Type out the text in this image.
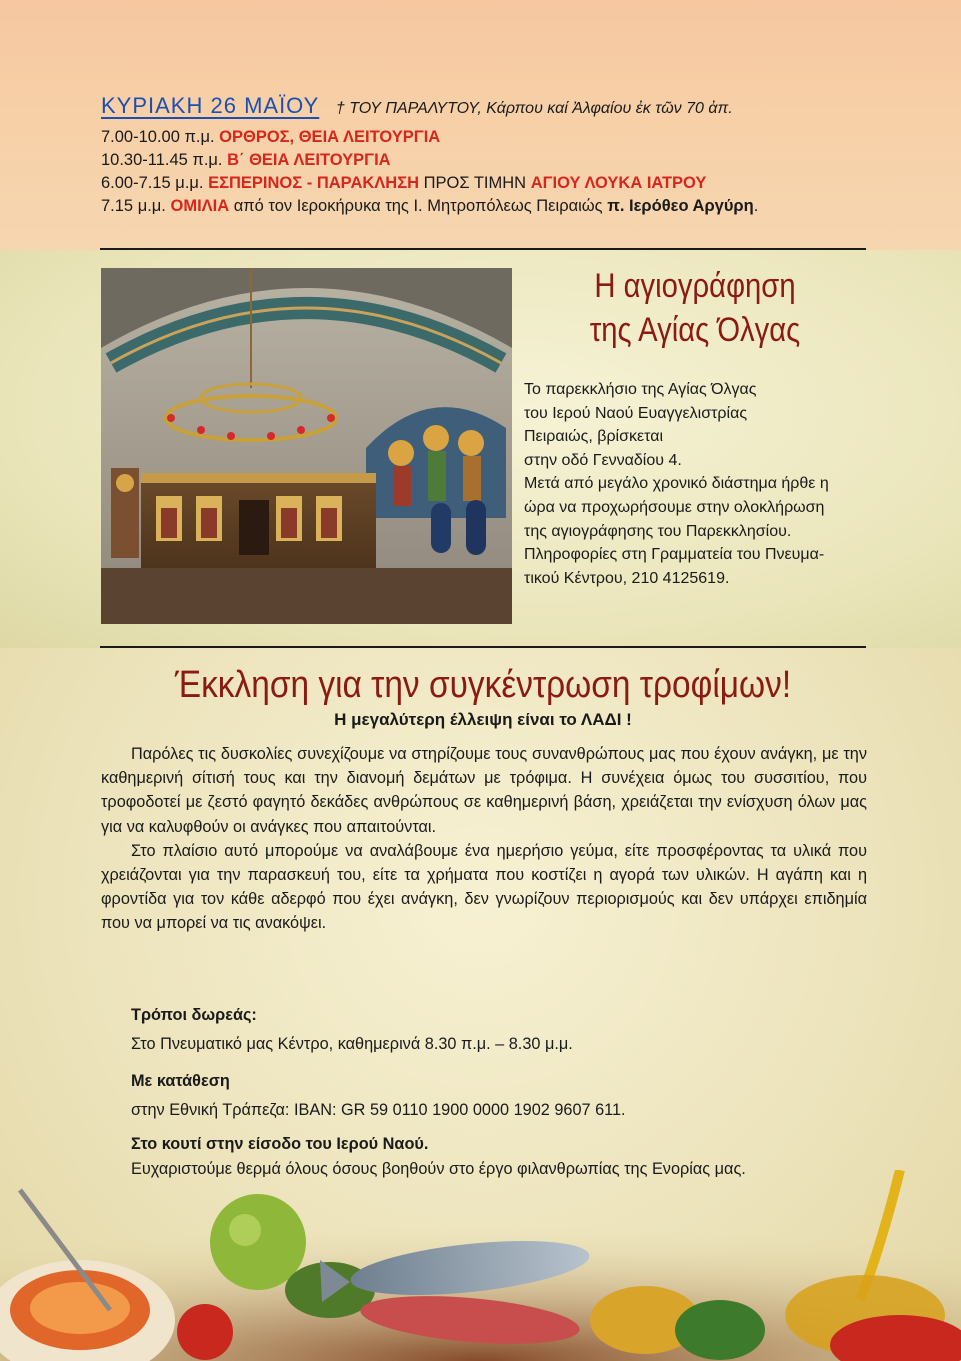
ΚΥΡΙΑΚΗ 26 ΜΑΪΟΥ † ΤΟΥ ΠΑΡΑΛΥΤΟΥ, Κάρπου καί Ἀλφαίου ἐκ τῶν 70 ἀπ.
7.00-10.00 π.μ. ΟΡΘΡΟΣ, ΘΕΙΑ ΛΕΙΤΟΥΡΓΙΑ
10.30-11.45 π.μ. Β΄ ΘΕΙΑ ΛΕΙΤΟΥΡΓΙΑ
6.00-7.15 μ.μ. ΕΣΠΕΡΙΝΟΣ - ΠΑΡΑΚΛΗΣΗ ΠΡΟΣ ΤΙΜΗΝ ΑΓΙΟΥ ΛΟΥΚΑ ΙΑΤΡΟΥ
7.15 μ.μ. ΟΜΙΛΙΑ από τον Ιεροκήρυκα της Ι. Μητροπόλεως Πειραιώς π. Ιερόθεο Αργύρη.
Η αγιογράφηση
της Αγίας Όλγας
Το παρεκκλήσιο της Αγίας Όλγας
του Ιερού Ναού Ευαγγελιστρίας
Πειραιώς, βρίσκεται
στην οδό Γενναδίου 4.
Μετά από μεγάλο χρονικό διάστημα ήρθε η
ώρα να προχωρήσουμε στην ολοκλήρωση
της αγιογράφησης του Παρεκκλησίου.
Πληροφορίες στη Γραμματεία του Πνευμα-
τικού Κέντρου, 210 4125619.
Έκκληση για την συγκέντρωση τροφίμων!
Η μεγαλύτερη έλλειψη είναι το ΛΑΔΙ !

Παρόλες τις δυσκολίες συνεχίζουμε να στηρίζουμε τους συνανθρώπους μας που έχουν ανάγκη, με την καθημερινή σίτισή τους και την διανομή δεμάτων με τρόφιμα. Η συνέχεια όμως του συσσιτίου, που τροφοδοτεί με ζεστό φαγητό δεκάδες ανθρώπους σε καθημερινή βάση, χρειάζεται την ενίσχυση όλων μας για να καλυφθούν οι ανάγκες που απαιτούνται.

Στο πλαίσιο αυτό μπορούμε να αναλάβουμε ένα ημερήσιο γεύμα, είτε προσφέροντας τα υλικά που χρειάζονται για την παρασκευή του, είτε τα χρήματα που κοστίζει η αγορά των υλικών. Η αγάπη και η φροντίδα για τον κάθε αδερφό που έχει ανάγκη, δεν γνωρίζουν περιορισμούς και δεν υπάρχει επιδημία που να μπορεί να τις ανακόψει.

Τρόποι δωρεάς:
Στο Πνευματικό μας Κέντρο, καθημερινά 8.30 π.μ. – 8.30 μ.μ.
Με κατάθεση
στην Εθνική Τράπεζα: IBAN: GR 59 0110 1900 0000 1902 9607 611.
Στο κουτί στην είσοδο του Ιερού Ναού.
Ευχαριστούμε θερμά όλους όσους βοηθούν στο έργο φιλανθρωπίας της Ενορίας μας.
